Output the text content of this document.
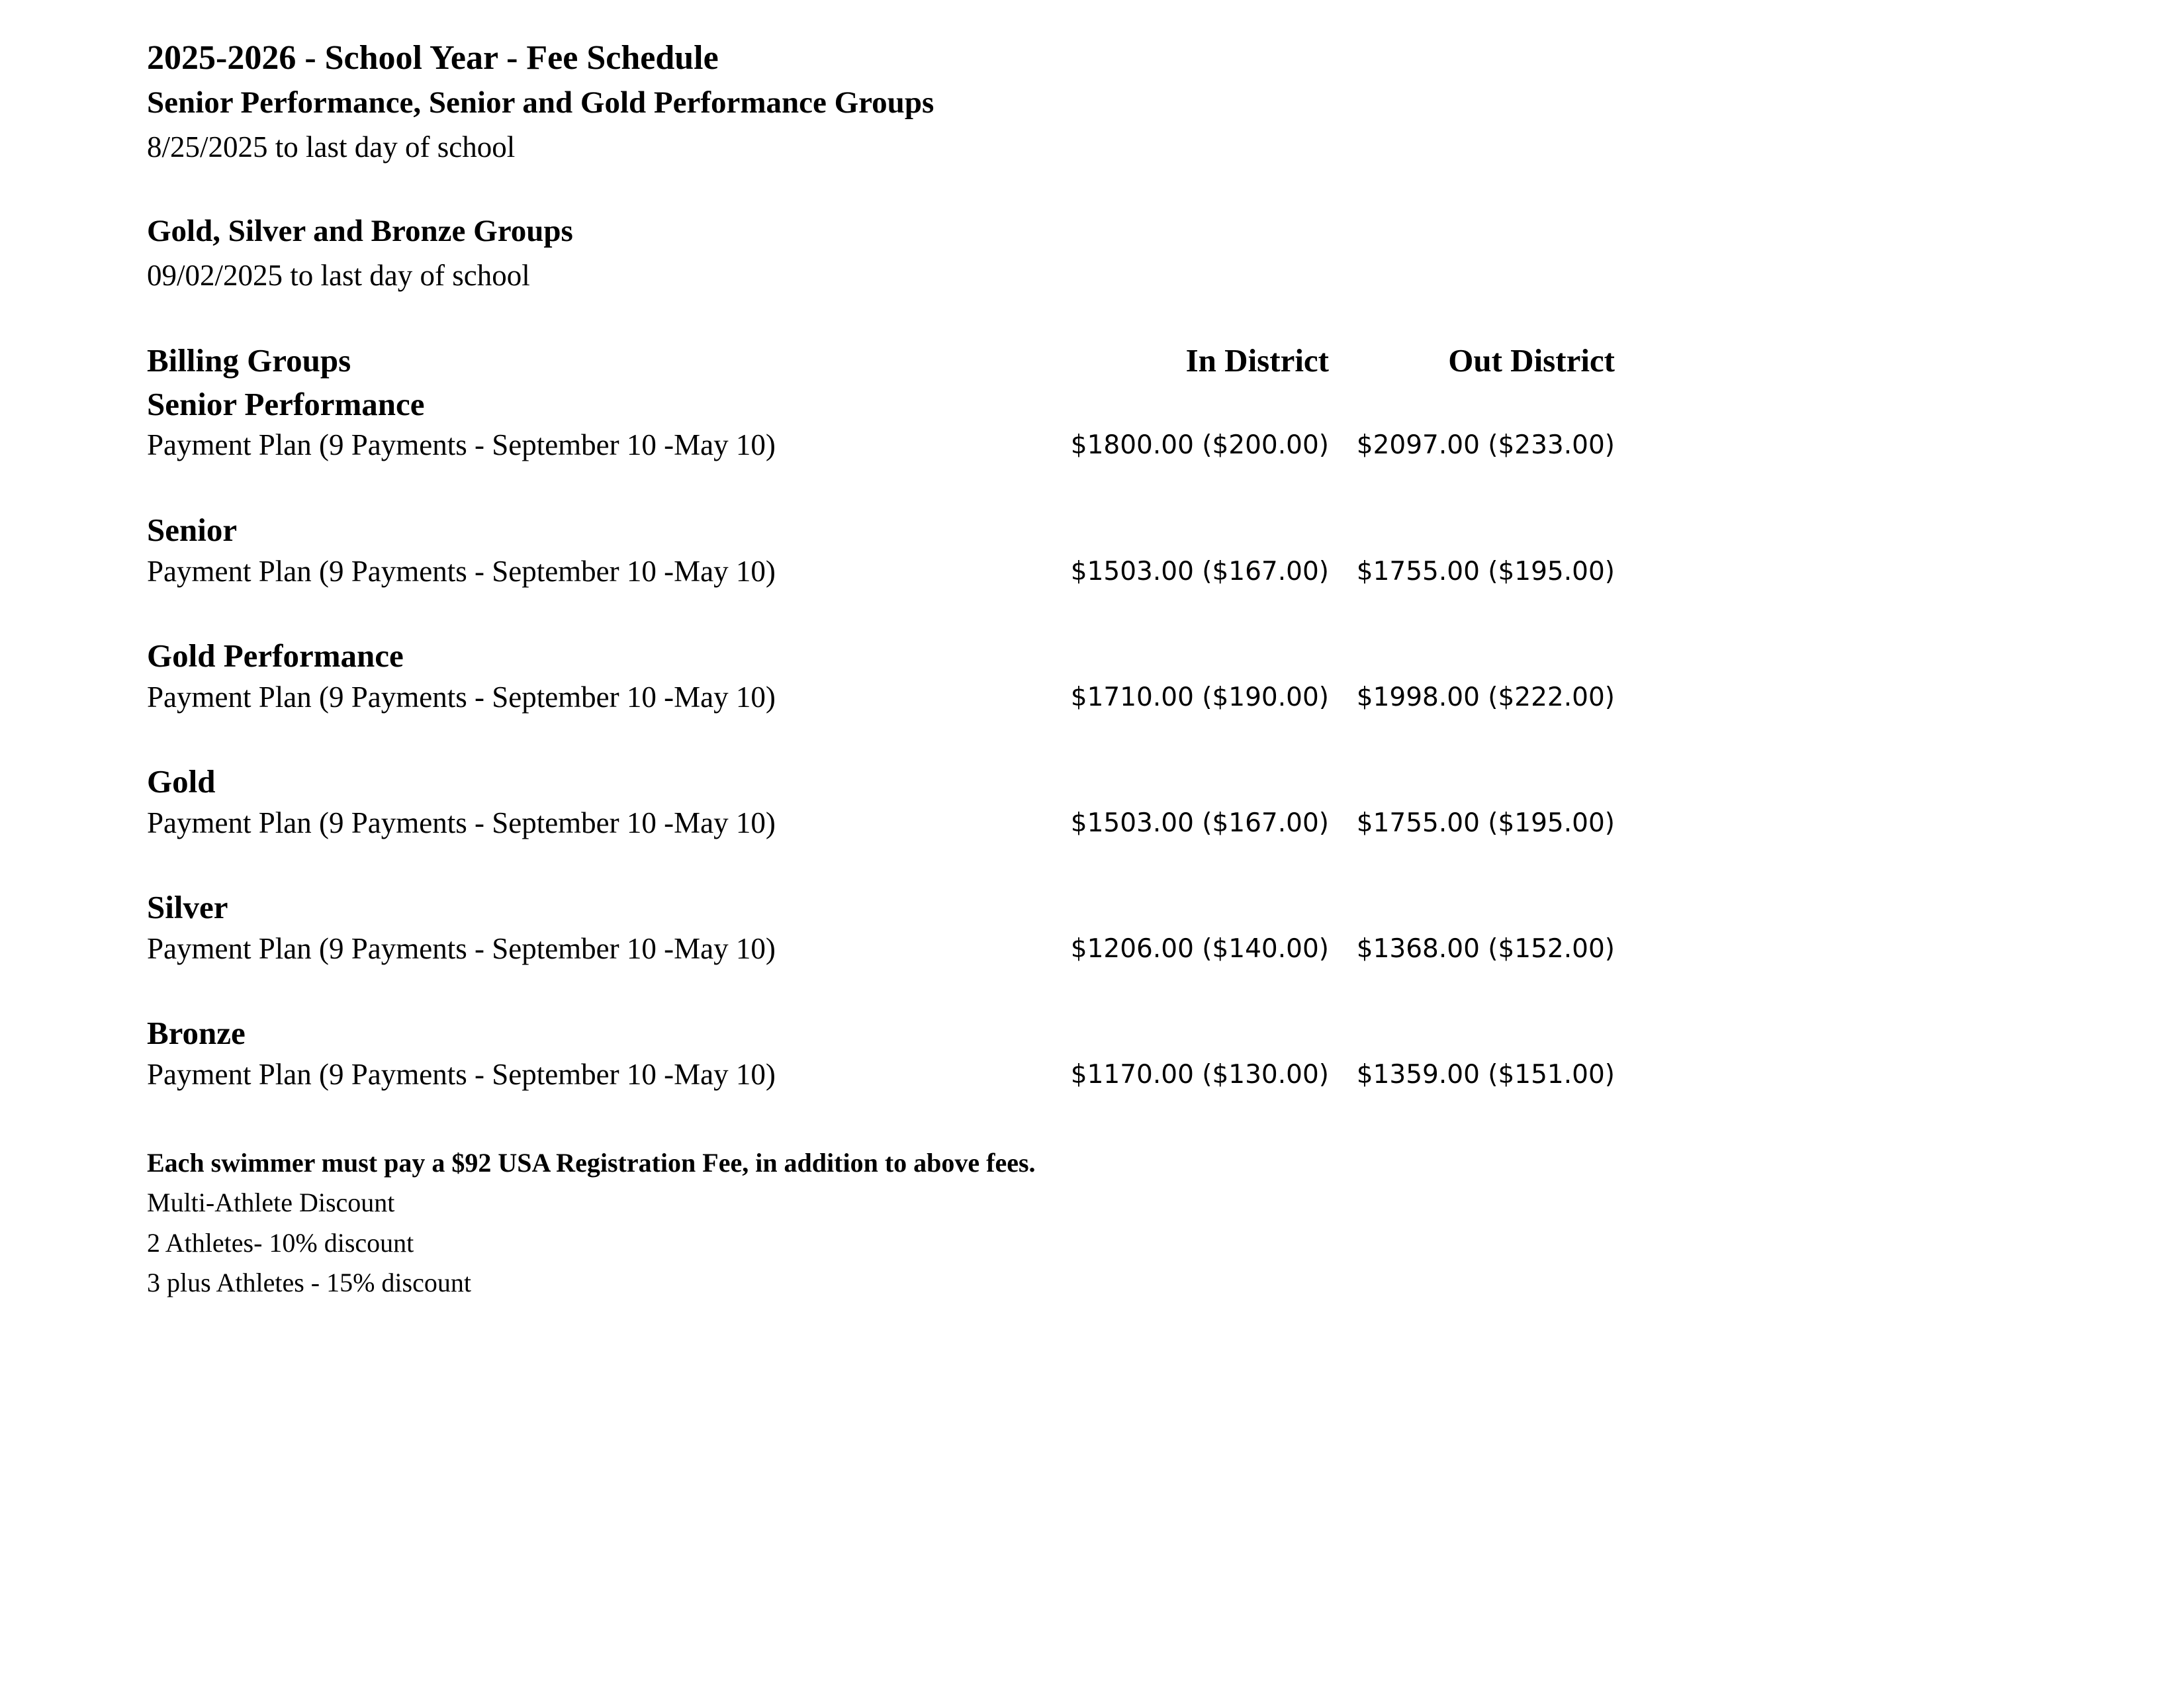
2025-2026 - School Year - Fee Schedule
Senior Performance, Senior and Gold Performance Groups
8/25/2025 to last day of school
Gold, Silver and Bronze Groups
09/02/2025 to last day of school
Billing Groups	In District	Out District
Senior Performance
Payment Plan (9 Payments - September 10 -May 10)	$1800.00 ($200.00) $2097.00 ($233.00)
Senior
Payment Plan (9 Payments - September 10 -May 10)	$1503.00 ($167.00) $1755.00 ($195.00)
Gold Performance
Payment Plan (9 Payments - September 10 -May 10)	$1710.00 ($190.00) $1998.00 ($222.00)
Gold
Payment Plan (9 Payments - September 10 -May 10)	$1503.00 ($167.00) $1755.00 ($195.00)
Silver
Payment Plan (9 Payments - September 10 -May 10)	$1206.00 ($140.00) $1368.00 ($152.00)
Bronze
Payment Plan (9 Payments - September 10 -May 10)	$1170.00 ($130.00) $1359.00 ($151.00)
Each swimmer must pay a $92 USA Registration Fee, in addition to above fees.
Multi-Athlete Discount
2 Athletes- 10% discount
3 plus Athletes - 15% discount
